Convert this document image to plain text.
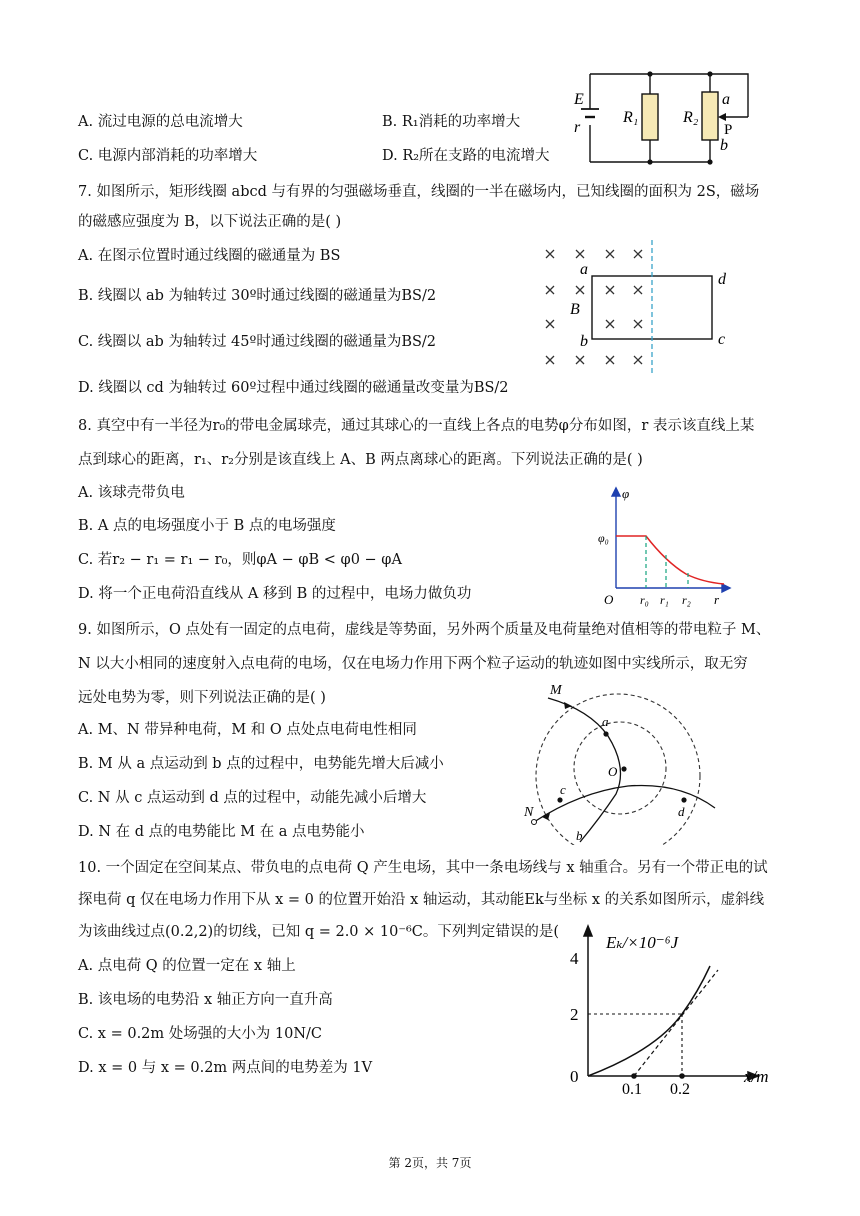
A. 流过电源的总电流增大	B. R₁消耗的功率增大
C. 电源内部消耗的功率增大	D. R₂所在支路的电流增大
E
r
R₁	R₂
a
P
b
7. 如图所示，矩形线圈 abcd 与有界的匀强磁场垂直，线圈的一半在磁场内，已知线圈的面积为 2S，磁场
的磁感应强度为 B，以下说法正确的是( )
A. 在图示位置时通过线圈的磁通量为 BS
B. 线圈以 ab 为轴转过 30º时通过线圈的磁通量为BS/2
C. 线圈以 ab 为轴转过 45º时通过线圈的磁通量为BS/2
D. 线圈以 cd 为轴转过 60º过程中通过线圈的磁通量改变量为BS/2
a
B
b
d
c
8. 真空中有一半径为r₀的带电金属球壳，通过其球心的一直线上各点的电势φ分布如图，r 表示该直线上某
点到球心的距离，r₁、r₂分别是该直线上 A、B 两点离球心的距离。下列说法正确的是( )
A. 该球壳带负电
B. A 点的电场强度小于 B 点的电场强度
C. 若r₂ − r₁ = r₁ − r₀，则φA − φB < φ0 − φA
D. 将一个正电荷沿直线从 A 移到 B 的过程中，电场力做负功
φ
φ₀
O r₀ r₁ r₂ r
9. 如图所示，O 点处有一固定的点电荷，虚线是等势面，另外两个质量及电荷量绝对值相等的带电粒子 M、
N 以大小相同的速度射入点电荷的电场，仅在电场力作用下两个粒子运动的轨迹如图中实线所示，取无穷
远处电势为零，则下列说法正确的是( )
A. M、N 带异种电荷，M 和 O 点处点电荷电性相同
B. M 从 a 点运动到 b 点的过程中，电势能先增大后减小
C. N 从 c 点运动到 d 点的过程中，动能先减小后增大
D. N 在 d 点的电势能比 M 在 a 点电势能小
M
a
O
c
d
N
b
10. 一个固定在空间某点、带负电的点电荷 Q 产生电场，其中一条电场线与 x 轴重合。另有一个带正电的试
探电荷 q 仅在电场力作用下从 x = 0 的位置开始沿 x 轴运动，其动能Ek与坐标 x 的关系如图所示，虚斜线
为该曲线过点(0.2,2)的切线，已知 q = 2.0 × 10⁻⁶C。下列判定错误的是(
A. 点电荷 Q 的位置一定在 x 轴上
B. 该电场的电势沿 x 轴正方向一直升高
C. x = 0.2m 处场强的大小为 10N/C
D. x = 0 与 x = 0.2m 两点间的电势差为 1V
Eₖ/×10⁻⁶J
4
2
0
0.1 0.2
x/m
第 2页，共 7页
